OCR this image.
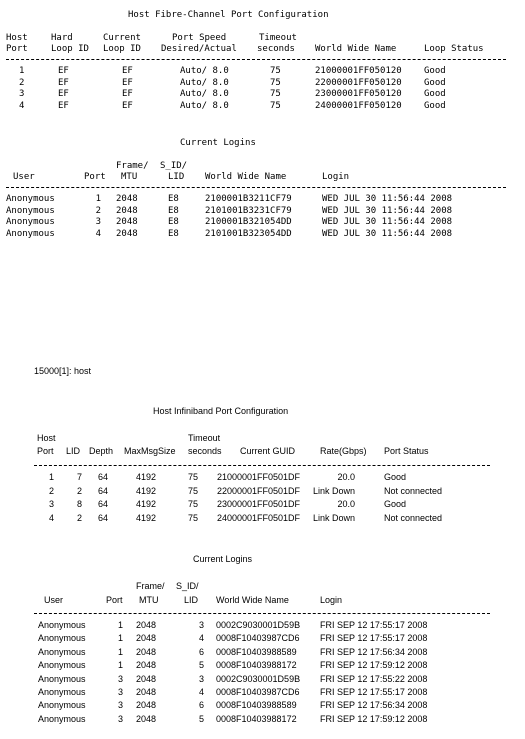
Host Fibre-Channel Port Configuration
Host	Hard	Current	Port Speed	Timeout
Port	Loop ID Loop ID Desired/Actual seconds World Wide Name	Loop Status
1	EF	EF	Auto/ 8.0	75	21000001FF050120 Good
2	EF	EF	Auto/ 8.0	75	22000001FF050120 Good
3	EF	EF	Auto/ 8.0	75	23000001FF050120 Good
4	EF	EF	Auto/ 8.0	75	24000001FF050120 Good
Current Logins
Frame/ S_ID/
User	Port MTU	LID World Wide Name	Login
Anonymous	1 2048	E8	2100001B3211CF79	WED JUL 30 11:56:44 2008
Anonymous	2 2048	E8	2101001B3231CF79	WED JUL 30 11:56:44 2008
Anonymous	3 2048	E8	2100001B321054DD	WED JUL 30 11:56:44 2008
Anonymous	4 2048	E8	2101001B323054DD	WED JUL 30 11:56:44 2008
15000[1]: host
Host Infiniband Port Configuration
Host	Timeout
Port LID Depth MaxMsgSize seconds Current GUID	Rate(Gbps) Port Status
1	7 64	4192	75 21000001FF0501DF	20.0	Good
2	2 64	4192	75 22000001FF0501DF Link Down	Not connected
3	8 64	4192	75 23000001FF0501DF	20.0	Good
4	2 64	4192	75 24000001FF0501DF Link Down	Not connected
Current Logins
Frame/ S_ID/
User	Port MTU	LID World Wide Name	Login
Anonymous	1 2048	3 0002C9030001D59B FRI SEP 12 17:55:17 2008
Anonymous	1 2048	4 0008F10403987CD6 FRI SEP 12 17:55:17 2008
Anonymous	1 2048	6 0008F10403988589	FRI SEP 12 17:56:34 2008
Anonymous	1 2048	5 0008F10403988172	FRI SEP 12 17:59:12 2008
Anonymous	3 2048	3 0002C9030001D59B FRI SEP 12 17:55:22 2008
Anonymous	3 2048	4 0008F10403987CD6 FRI SEP 12 17:55:17 2008
Anonymous	3 2048	6 0008F10403988589	FRI SEP 12 17:56:34 2008
Anonymous	3 2048	5 0008F10403988172	FRI SEP 12 17:59:12 2008
